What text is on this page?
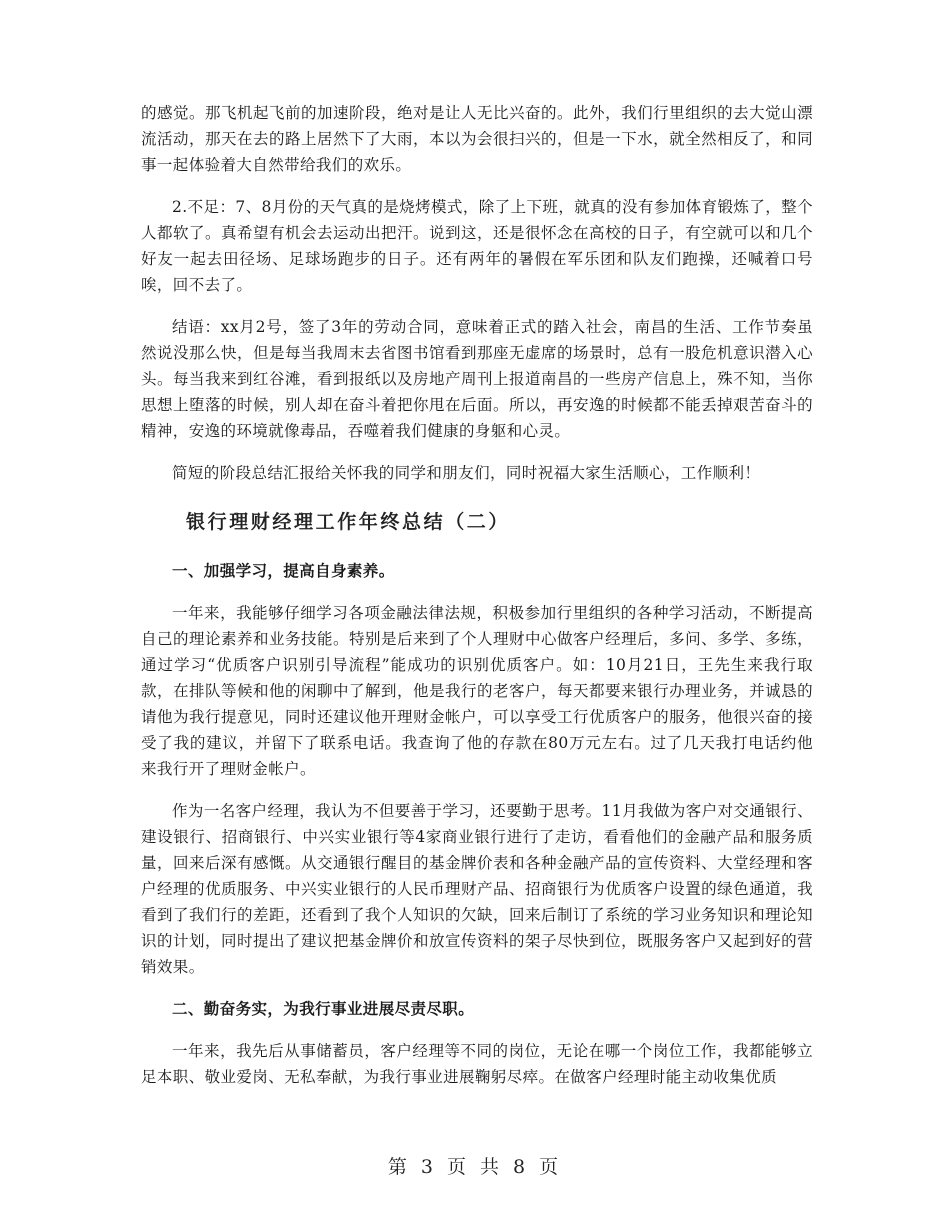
的感觉。那飞机起飞前的加速阶段，绝对是让人无比兴奋的。此外，我们行里组织的去大觉山漂流活动，那天在去的路上居然下了大雨，本以为会很扫兴的，但是一下水，就全然相反了，和同事一起体验着大自然带给我们的欢乐。

2.不足：7、8月份的天气真的是烧烤模式，除了上下班，就真的没有参加体育锻炼了，整个人都软了。真希望有机会去运动出把汗。说到这，还是很怀念在高校的日子，有空就可以和几个好友一起去田径场、足球场跑步的日子。还有两年的暑假在军乐团和队友们跑操，还喊着口号唉，回不去了。

结语：xx月2号，签了3年的劳动合同，意味着正式的踏入社会，南昌的生活、工作节奏虽然说没那么快，但是每当我周末去省图书馆看到那座无虚席的场景时，总有一股危机意识潜入心头。每当我来到红谷滩，看到报纸以及房地产周刊上报道南昌的一些房产信息上，殊不知，当你思想上堕落的时候，别人却在奋斗着把你甩在后面。所以，再安逸的时候都不能丢掉艰苦奋斗的精神，安逸的环境就像毒品，吞噬着我们健康的身躯和心灵。

简短的阶段总结汇报给关怀我的同学和朋友们，同时祝福大家生活顺心，工作顺利！

银行理财经理工作年终总结（二）

一、加强学习，提高自身素养。

一年来，我能够仔细学习各项金融法律法规，积极参加行里组织的各种学习活动，不断提高自己的理论素养和业务技能。特别是后来到了个人理财中心做客户经理后，多问、多学、多练，通过学习“优质客户识别引导流程”能成功的识别优质客户。如：10月21日，王先生来我行取款，在排队等候和他的闲聊中了解到，他是我行的老客户，每天都要来银行办理业务，并诚恳的请他为我行提意见，同时还建议他开理财金帐户，可以享受工行优质客户的服务，他很兴奋的接受了我的建议，并留下了联系电话。我查询了他的存款在80万元左右。过了几天我打电话约他来我行开了理财金帐户。

作为一名客户经理，我认为不但要善于学习，还要勤于思考。11月我做为客户对交通银行、建设银行、招商银行、中兴实业银行等4家商业银行进行了走访，看看他们的金融产品和服务质量，回来后深有感慨。从交通银行醒目的基金牌价表和各种金融产品的宣传资料、大堂经理和客户经理的优质服务、中兴实业银行的人民币理财产品、招商银行为优质客户设置的绿色通道，我看到了我们行的差距，还看到了我个人知识的欠缺，回来后制订了系统的学习业务知识和理论知识的计划，同时提出了建议把基金牌价和放宣传资料的架子尽快到位，既服务客户又起到好的营销效果。

二、勤奋务实，为我行事业进展尽责尽职。

一年来，我先后从事储蓄员，客户经理等不同的岗位，无论在哪一个岗位工作，我都能够立足本职、敬业爱岗、无私奉献，为我行事业进展鞠躬尽瘁。在做客户经理时能主动收集优质

第 3 页 共 8 页
